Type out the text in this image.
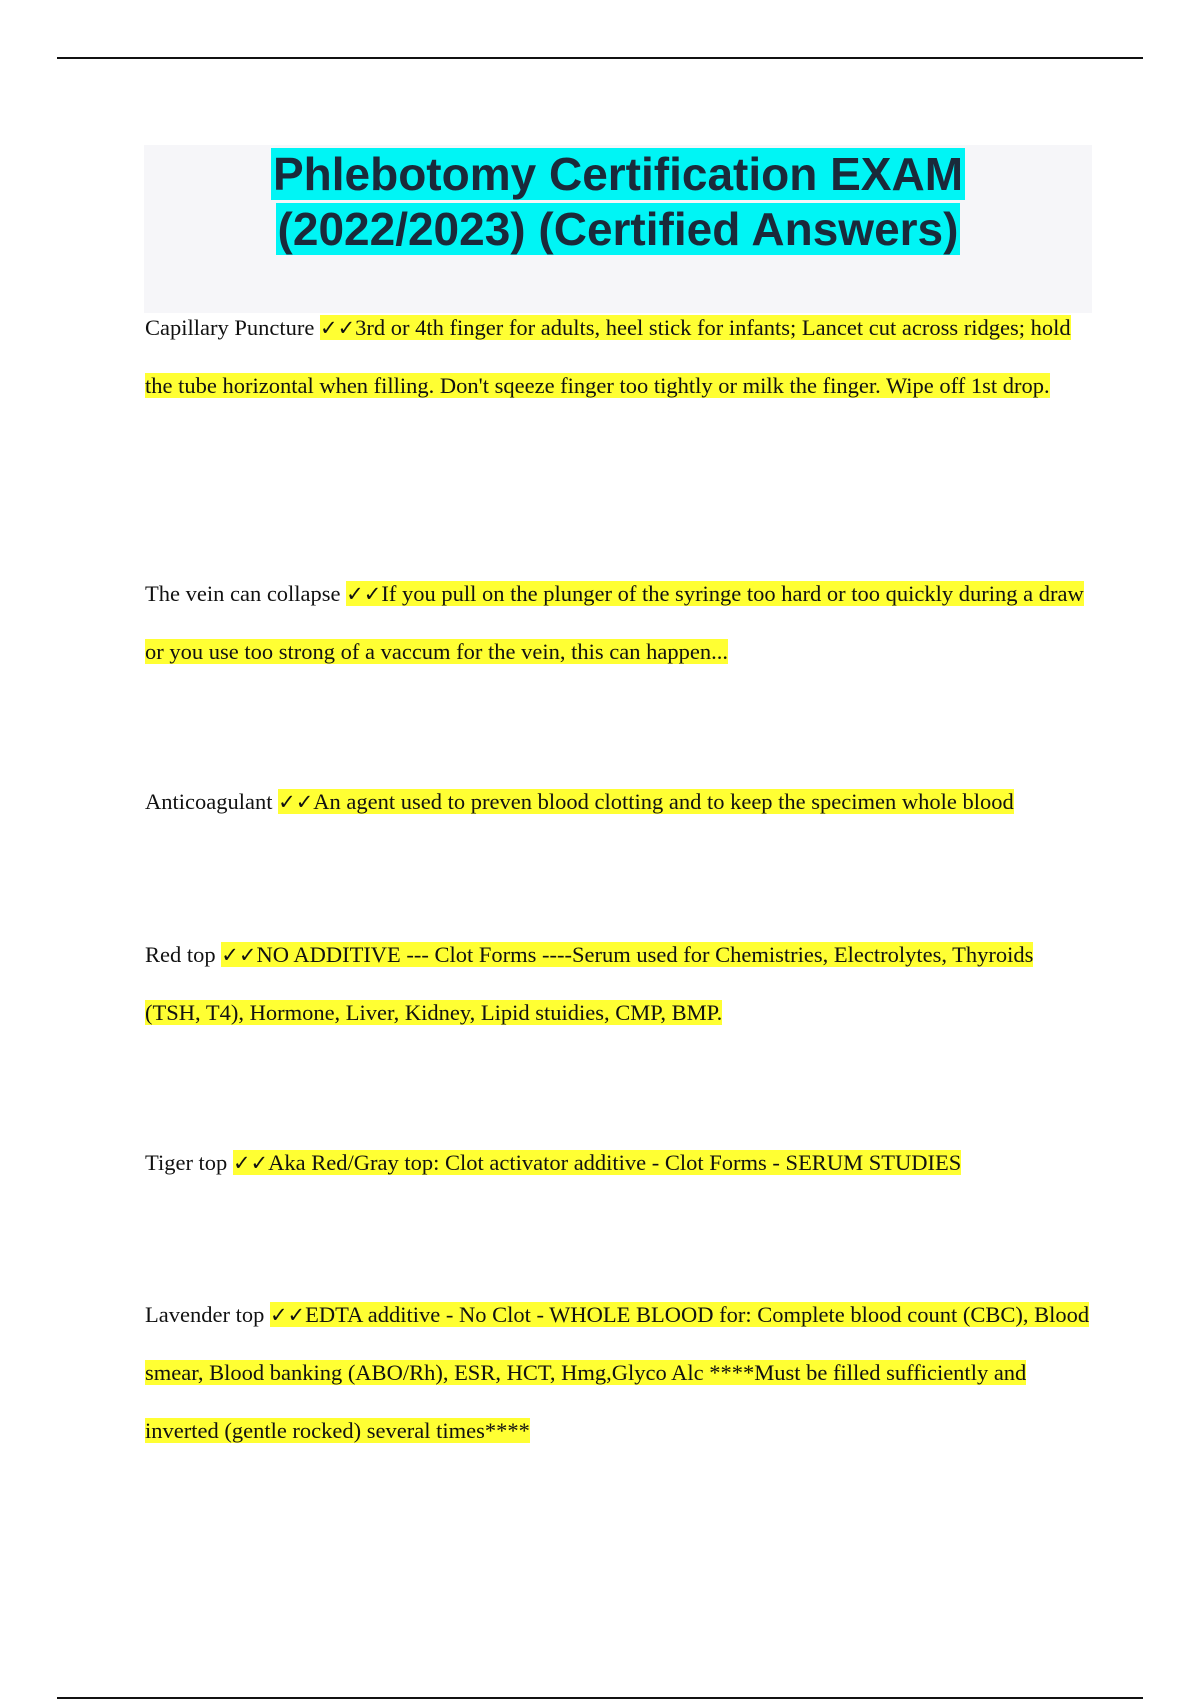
Phlebotomy Certification EXAM (2022/2023) (Certified Answers)

Capillary Puncture ✓✓3rd or 4th finger for adults, heel stick for infants; Lancet cut across ridges; hold the tube horizontal when filling. Don't sqeeze finger too tightly or milk the finger. Wipe off 1st drop.

The vein can collapse ✓✓If you pull on the plunger of the syringe too hard or too quickly during a draw or you use too strong of a vaccum for the vein, this can happen...

Anticoagulant ✓✓An agent used to preven blood clotting and to keep the specimen whole blood

Red top ✓✓NO ADDITIVE --- Clot Forms ----Serum used for Chemistries, Electrolytes, Thyroids (TSH, T4), Hormone, Liver, Kidney, Lipid stuidies, CMP, BMP.

Tiger top ✓✓Aka Red/Gray top: Clot activator additive - Clot Forms - SERUM STUDIES

Lavender top ✓✓EDTA additive - No Clot - WHOLE BLOOD for: Complete blood count (CBC), Blood smear, Blood banking (ABO/Rh), ESR, HCT, Hmg,Glyco Alc ****Must be filled sufficiently and inverted (gentle rocked) several times****
